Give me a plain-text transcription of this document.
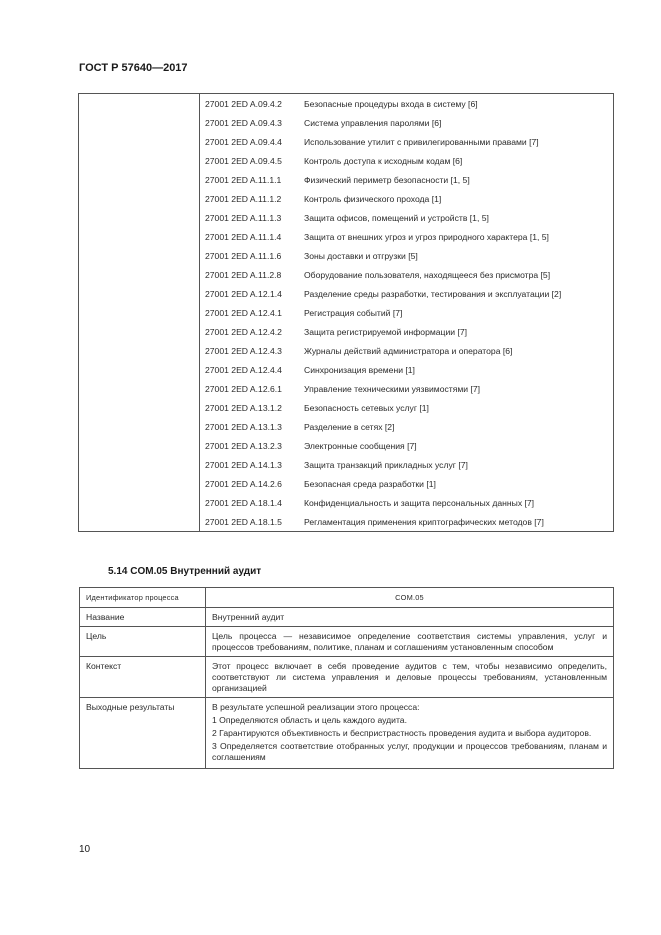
ГОСТ Р 57640—2017
	27001 2ED A.09.4.2	Безопасные процедуры входа в систему [6]
	27001 2ED A.09.4.3	Система управления паролями [6]
	27001 2ED A.09.4.4	Использование утилит с привилегированными правами [7]
	27001 2ED A.09.4.5	Контроль доступа к исходным кодам [6]
	27001 2ED A.11.1.1	Физический периметр безопасности [1, 5]
	27001 2ED A.11.1.2	Контроль физического прохода [1]
	27001 2ED A.11.1.3	Защита офисов, помещений и устройств [1, 5]
	27001 2ED A.11.1.4	Защита от внешних угроз и угроз природного характера [1, 5]
	27001 2ED A.11.1.6	Зоны доставки и отгрузки [5]
	27001 2ED A.11.2.8	Оборудование пользователя, находящееся без присмотра [5]
	27001 2ED A.12.1.4	Разделение среды разработки, тестирования и эксплуатации [2]
	27001 2ED A.12.4.1	Регистрация событий [7]
	27001 2ED A.12.4.2	Защита регистрируемой информации [7]
	27001 2ED A.12.4.3	Журналы действий администратора и оператора [6]
	27001 2ED A.12.4.4	Синхронизация времени [1]
	27001 2ED A.12.6.1	Управление техническими уязвимостями [7]
	27001 2ED A.13.1.2	Безопасность сетевых услуг [1]
	27001 2ED A.13.1.3	Разделение в сетях [2]
	27001 2ED A.13.2.3	Электронные сообщения [7]
	27001 2ED A.14.1.3	Защита транзакций прикладных услуг [7]
	27001 2ED A.14.2.6	Безопасная среда разработки [1]
	27001 2ED A.18.1.4	Конфиденциальность и защита персональных данных [7]
	27001 2ED A.18.1.5	Регламентация применения криптографических методов [7]
5.14 COM.05 Внутренний аудит
Идентификатор процесса	COM.05
Название	Внутренний аудит
Цель	Цель процесса — независимое определение соответствия системы управления, услуг и процессов требованиям, политике, планам и соглашениям установленным способом
Контекст	Этот процесс включает в себя проведение аудитов с тем, чтобы независимо определить, соответствуют ли система управления и деловые процессы требованиям, установленным организацией
Выходные результаты	В результате успешной реализации этого процесса:
1 Определяются область и цель каждого аудита.
2 Гарантируются объективность и беспристрастность проведения аудита и выбора аудиторов.
3 Определяется соответствие отобранных услуг, продукции и процессов требованиям, планам и соглашениям
10
